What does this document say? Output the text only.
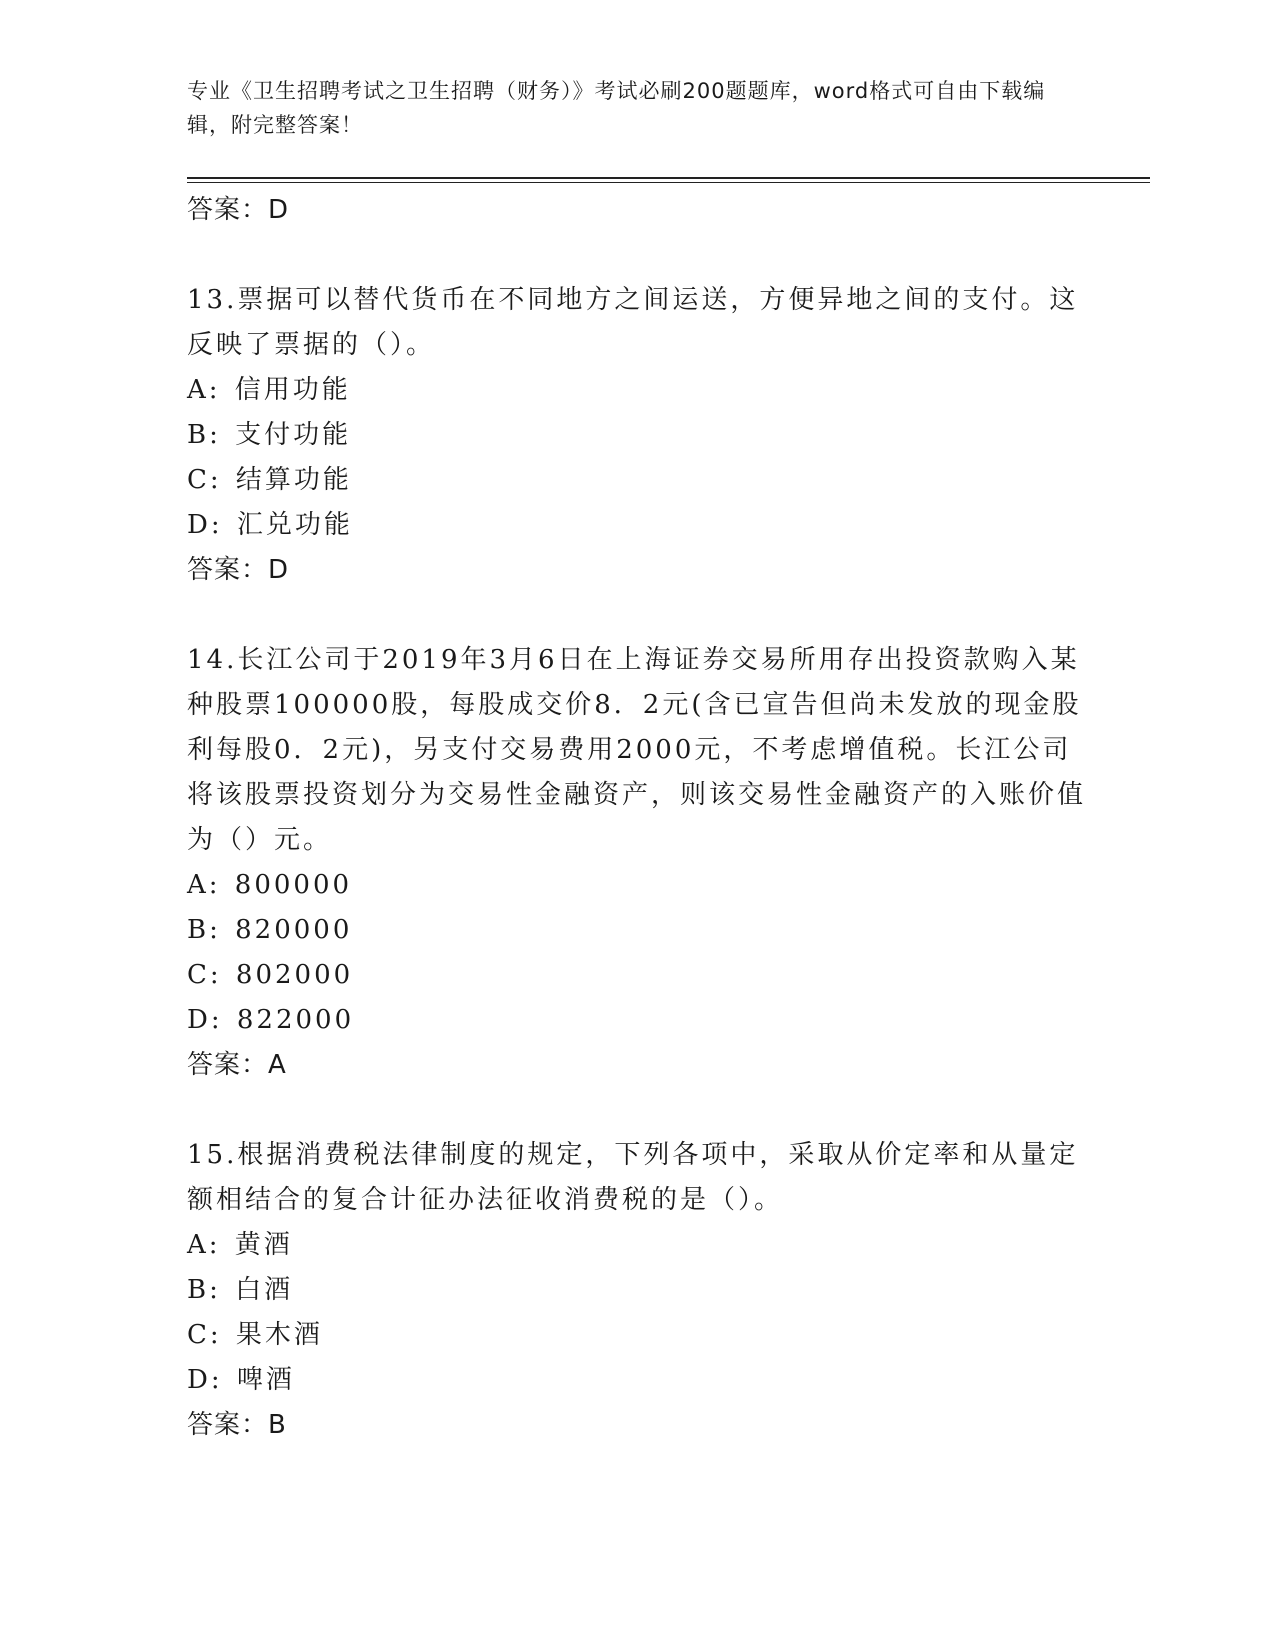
专业《卫生招聘考试之卫生招聘（财务）》考试必刷200题题库，word格式可自由下载编辑，附完整答案！

答案：D

13.票据可以替代货币在不同地方之间运送，方便异地之间的支付。这反映了票据的（）。

A: 信用功能

B: 支付功能

C: 结算功能

D: 汇兑功能

答案：D

14.长江公司于2019年3月6日在上海证券交易所用存出投资款购入某种股票100000股，每股成交价8．2元(含已宣告但尚未发放的现金股利每股0．2元)，另支付交易费用2000元，不考虑增值税。长江公司将该股票投资划分为交易性金融资产，则该交易性金融资产的入账价值为（）元。

A: 800000

B: 820000

C: 802000

D: 822000

答案：A

15.根据消费税法律制度的规定，下列各项中，采取从价定率和从量定额相结合的复合计征办法征收消费税的是（）。

A: 黄酒

B: 白酒

C: 果木酒

D: 啤酒

答案：B
